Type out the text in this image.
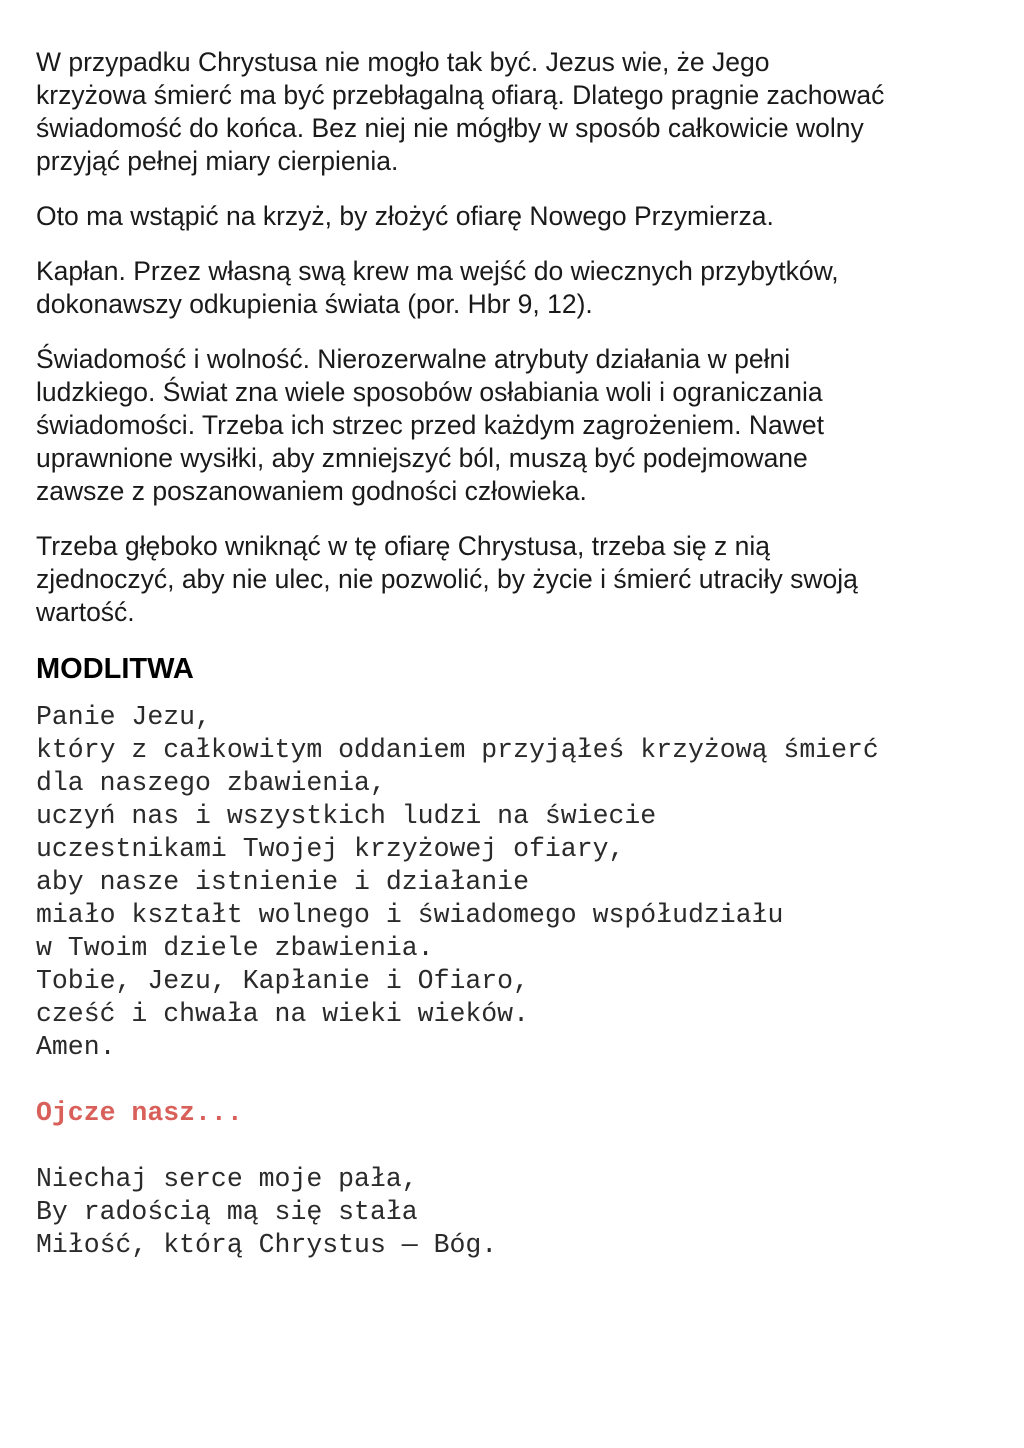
W przypadku Chrystusa nie mogło tak być. Jezus wie, że Jego
krzyżowa śmierć ma być przebłagalną ofiarą. Dlatego pragnie zachować
świadomość do końca. Bez niej nie mógłby w sposób całkowicie wolny
przyjąć pełnej miary cierpienia.

Oto ma wstąpić na krzyż, by złożyć ofiarę Nowego Przymierza.

Kapłan. Przez własną swą krew ma wejść do wiecznych przybytków,
dokonawszy odkupienia świata (por. Hbr 9, 12).

Świadomość i wolność. Nierozerwalne atrybuty działania w pełni
ludzkiego. Świat zna wiele sposobów osłabiania woli i ograniczania
świadomości. Trzeba ich strzec przed każdym zagrożeniem. Nawet
uprawnione wysiłki, aby zmniejszyć ból, muszą być podejmowane
zawsze z poszanowaniem godności człowieka.

Trzeba głęboko wniknąć w tę ofiarę Chrystusa, trzeba się z nią
zjednoczyć, aby nie ulec, nie pozwolić, by życie i śmierć utraciły swoją
wartość.

MODLITWA

Panie Jezu,
który z całkowitym oddaniem przyjąłeś krzyżową śmierć
dla naszego zbawienia,
uczyń nas i wszystkich ludzi na świecie
uczestnikami Twojej krzyżowej ofiary,
aby nasze istnienie i działanie
miało kształt wolnego i świadomego współudziału
w Twoim dziele zbawienia.
Tobie, Jezu, Kapłanie i Ofiaro,
cześć i chwała na wieki wieków.
Amen.

Ojcze nasz...

Niechaj serce moje pała,
By radością mą się stała
Miłość, którą Chrystus — Bóg.
